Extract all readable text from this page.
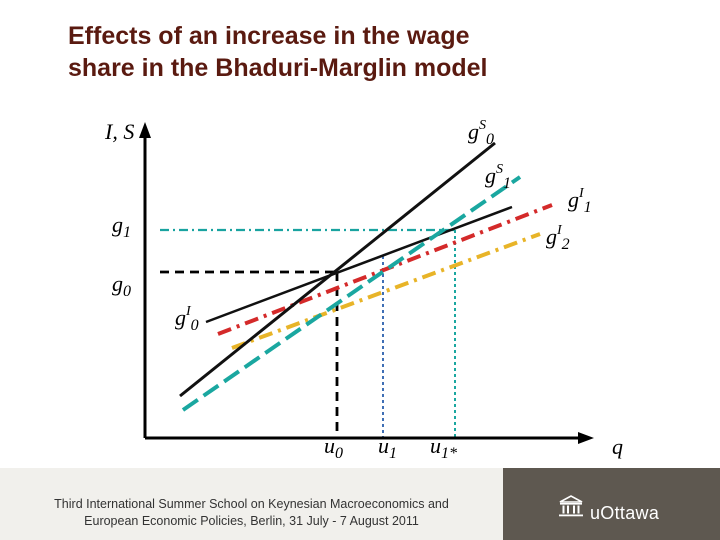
Effects of an increase in the wage
share in the Bhaduri-Marglin model
I, S
q
$g^S_0$
$g^S_1$
$g^I_1$
$g^I_2$
$g^I_0$
$g_1$
$g_0$
$u_0$ $u_1$ $u_{1*}$
Third International Summer School on Keynesian Macroeconomics and
European Economic Policies, Berlin, 31 July - 7 August 2011	uOttawa
